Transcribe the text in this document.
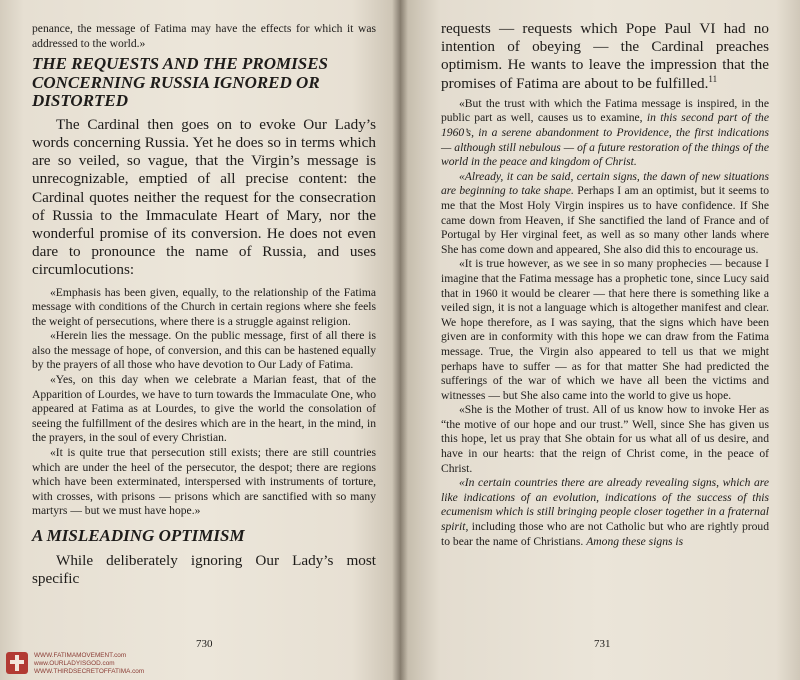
penance, the message of Fatima may have the effects for which it was addressed to the world.»

THE REQUESTS AND THE PROMISES
CONCERNING RUSSIA IGNORED OR
DISTORTED

The Cardinal then goes on to evoke Our Lady’s words concerning Russia. Yet he does so in terms which are so veiled, so vague, that the Virgin’s message is unrecognizable, emptied of all precise content: the Cardinal quotes neither the request for the consecration of Russia to the Immaculate Heart of Mary, nor the wonderful promise of its conversion. He does not even dare to pronounce the name of Russia, and uses circumlocutions:

«Emphasis has been given, equally, to the relationship of the Fatima message with conditions of the Church in certain regions where she feels the weight of persecutions, where there is a struggle against religion.

«Herein lies the message. On the public message, first of all there is also the message of hope, of conversion, and this can be hastened equally by the prayers of all those who have devotion to Our Lady of Fatima.

«Yes, on this day when we celebrate a Marian feast, that of the Apparition of Lourdes, we have to turn towards the Immaculate One, who appeared at Fatima as at Lourdes, to give the world the consolation of seeing the fulfillment of the desires which are in the heart, in the mind, in the prayers, in the soul of every Christian.

«It is quite true that persecution still exists; there are still countries which are under the heel of the persecutor, the despot; there are regions which have been exterminated, interspersed with instruments of torture, with crosses, with prisons — prisons which are sanctified with so many martyrs — but we must have hope.»

A MISLEADING OPTIMISM

While deliberately ignoring Our Lady’s most specific

730
WWW.FATIMAMOVEMENT.com
www.OURLADYISGOD.com
WWW.THIRDSECRETOFFATIMA.com

requests — requests which Pope Paul VI had no intention of obeying — the Cardinal preaches optimism. He wants to leave the impression that the promises of Fatima are about to be fulfilled.$^{11}$

«But the trust with which the Fatima message is inspired, in the public part as well, causes us to examine, in this second part of the 1960’s, in a serene abandonment to Providence, the first indications — although still nebulous — of a future restoration of the things of the world in the peace and kingdom of Christ.

«Already, it can be said, certain signs, the dawn of new situations are beginning to take shape. Perhaps I am an optimist, but it seems to me that the Most Holy Virgin inspires us to have confidence. If She came down from Heaven, if She sanctified the land of France and of Portugal by Her virginal feet, as well as so many other lands where She has come down and appeared, She also did this to encourage us.

«It is true however, as we see in so many prophecies — because I imagine that the Fatima message has a prophetic tone, since Lucy said that in 1960 it would be clearer — that here there is something like a veiled sign, it is not a language which is altogether manifest and clear. We hope therefore, as I was saying, that the signs which have been given are in conformity with this hope we can draw from the Fatima message. True, the Virgin also appeared to tell us that we might perhaps have to suffer — as for that matter She had predicted the sufferings of the war of which we have all been the victims and witnesses — but She also came into the world to give us hope.

«She is the Mother of trust. All of us know how to invoke Her as “the motive of our hope and our trust.” Well, since She has given us this hope, let us pray that She obtain for us what all of us desire, and have in our hearts: that the reign of Christ come, in the peace of Christ.

«In certain countries there are already revealing signs, which are like indications of an evolution, indications of the success of this ecumenism which is still bringing people closer together in a fraternal spirit, including those who are not Catholic but who are rightly proud to bear the name of Christians. Among these signs is

731
